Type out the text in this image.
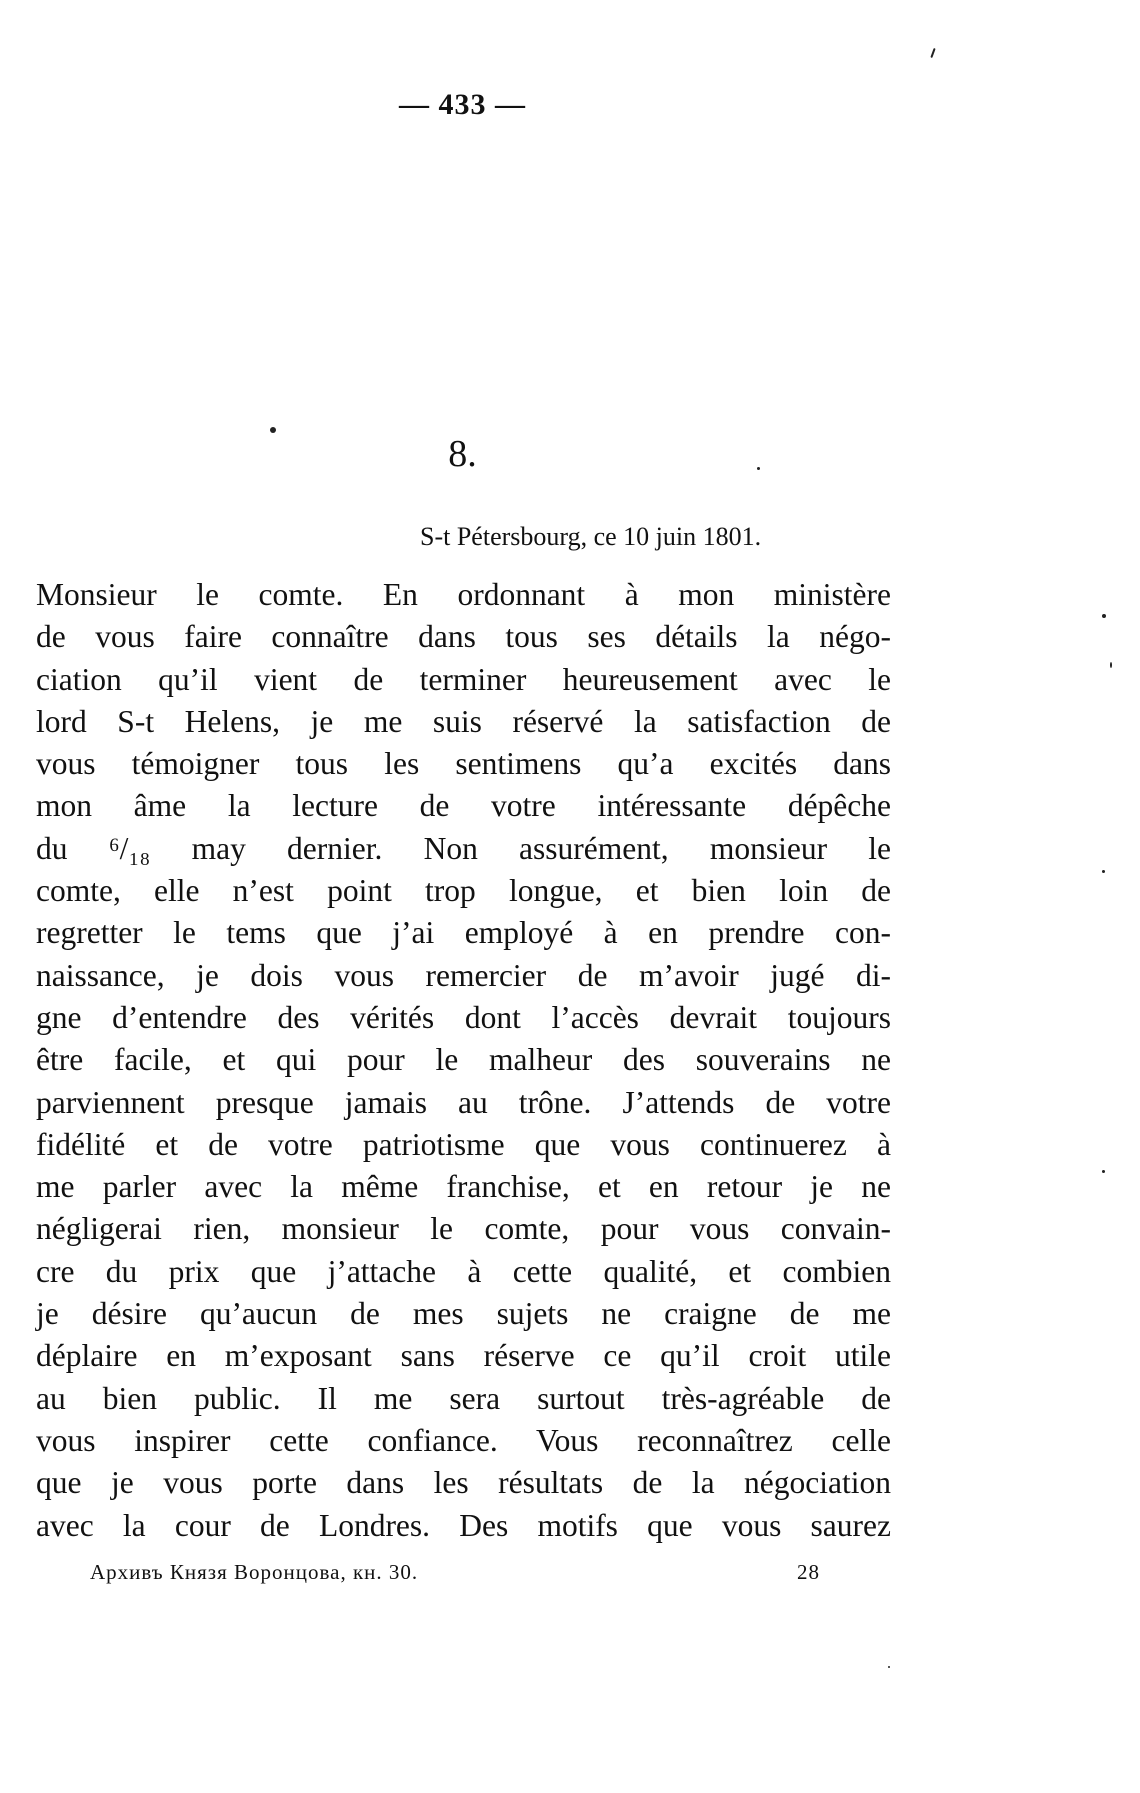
— 433 —
8.
S-t Pétersbourg, ce 10 juin 1801.
Monsieur le comte. En ordonnant à mon ministère
de vous faire connaître dans tous ses détails la négo-
ciation qu’il vient de terminer heureusement avec le
lord S-t Helens, je me suis réservé la satisfaction de
vous témoigner tous les sentimens qu’a excités dans
mon âme la lecture de votre intéressante dépêche
du ⁶/₁₈ may dernier. Non assurément, monsieur le
comte, elle n’est point trop longue, et bien loin de
regretter le tems que j’ai employé à en prendre con-
naissance, je dois vous remercier de m’avoir jugé di-
gne d’entendre des vérités dont l’accès devrait toujours
être facile, et qui pour le malheur des souverains ne
parviennent presque jamais au trône. J’attends de votre
fidélité et de votre patriotisme que vous continuerez à
me parler avec la même franchise, et en retour je ne
négligerai rien, monsieur le comte, pour vous convain-
cre du prix que j’attache à cette qualité, et combien
je désire qu’aucun de mes sujets ne craigne de me
déplaire en m’exposant sans réserve ce qu’il croit utile
au bien public. Il me sera surtout très-agréable de
vous inspirer cette confiance. Vous reconnaîtrez celle
que je vous porte dans les résultats de la négociation
avec la cour de Londres. Des motifs que vous saurez
Архивъ Князя Воронцова, кн. 30.	28
